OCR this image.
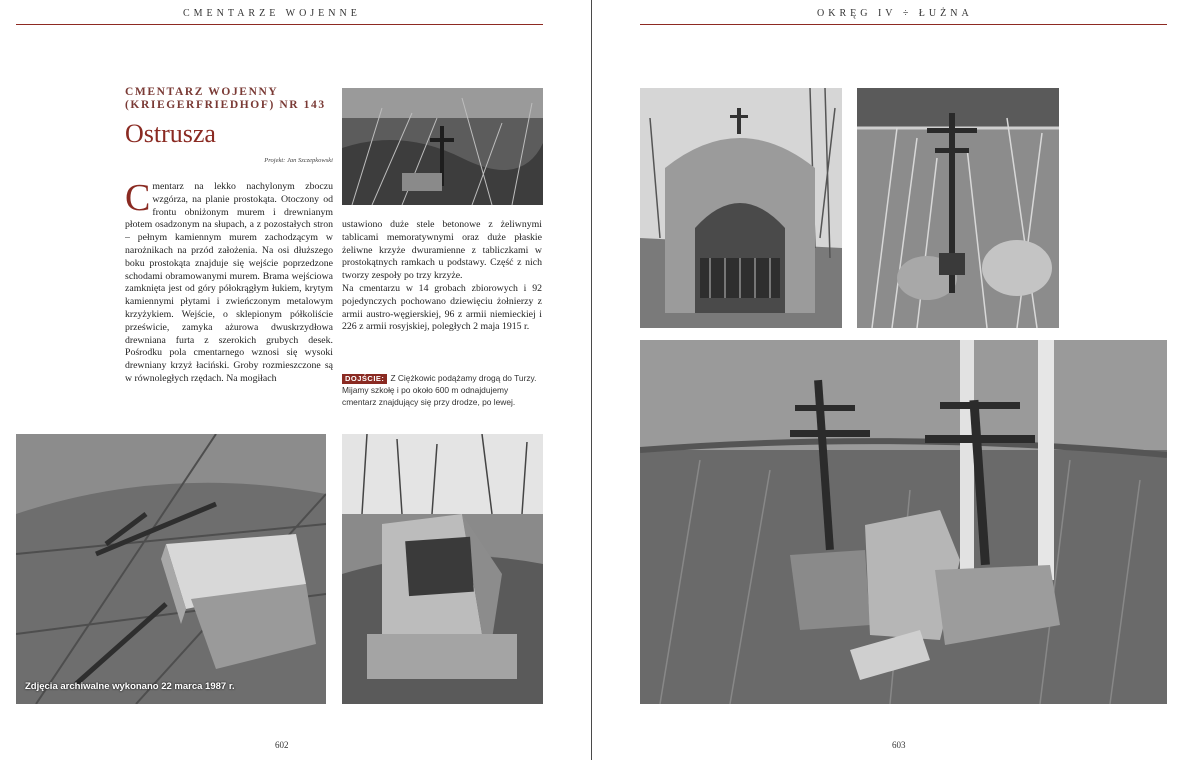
CMENTARZE WOJENNE
CMENTARZ WOJENNY
(KRIEGERFRIEDHOF) NR 143
Ostrusza
Projekt: Jan Szczepkowski
Cmentarz na lekko nachylonym zboczu wzgórza, na planie prostokąta. Otoczony od frontu obniżonym murem i drewnianym płotem osadzonym na słupach, a z pozostałych stron – pełnym kamiennym murem zachodzącym w narożnikach na przód założenia. Na osi dłuższego boku prostokąta znajduje się wejście poprzedzone schodami obramowanymi murem. Brama wejściowa zamknięta jest od góry półokrągłym łukiem, krytym kamiennymi płytami i zwieńczonym metalowym krzyżykiem. Wejście, o sklepionym półkoliście prześwicie, zamyka ażurowa dwuskrzydłowa drewniana furta z szerokich grubych desek. Pośrodku pola cmentarnego wznosi się wysoki drewniany krzyż łaciński. Groby rozmieszczone są w równoległych rzędach. Na mogiłach

ustawiono duże stele betonowe z żeliwnymi tablicami memoratywnymi oraz duże płaskie żeliwne krzyże dwuramienne z tabliczkami w prostokątnych ramkach u podstawy. Część z nich tworzy zespoły po trzy krzyże.

Na cmentarzu w 14 grobach zbiorowych i 92 pojedynczych pochowano dziewięciu żołnierzy z armii austro-węgierskiej, 96 z armii niemieckiej i 226 z armii rosyjskiej, poległych 2 maja 1915 r.

DOJŚCIE: Z Ciężkowic podążamy drogą do Turzy. Mijamy szkołę i po około 600 m odnajdujemy cmentarz znajdujący się przy drodze, po lewej.
Zdjęcia archiwalne wykonano 22 marca 1987 r.
602
OKRĘG IV ÷ ŁUŻNA
603
